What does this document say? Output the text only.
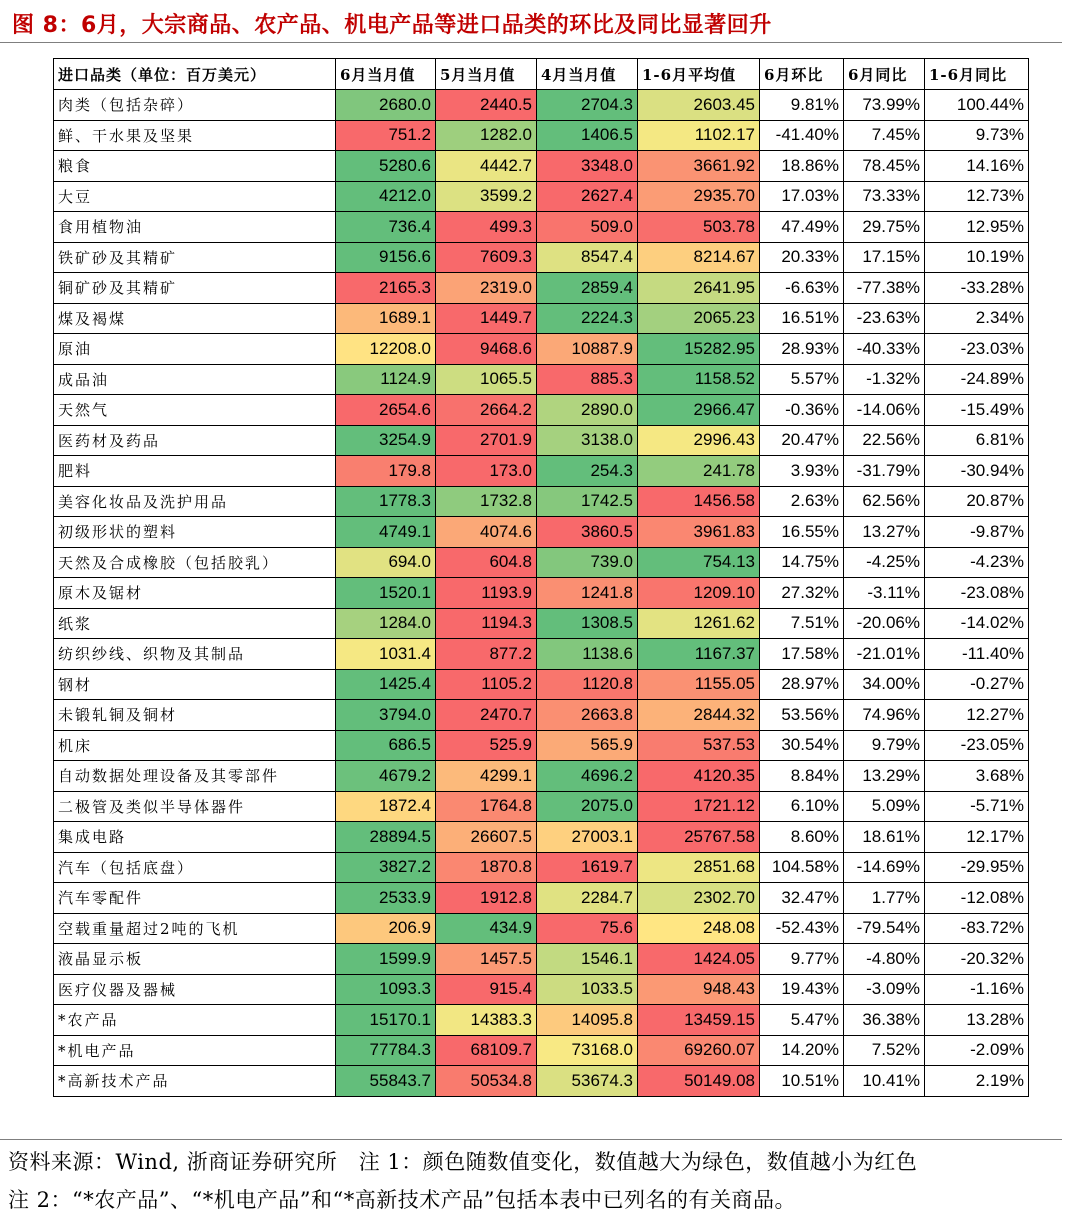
图 8：6月，大宗商品、农产品、机电产品等进口品类的环比及同比显著回升
进口品类（单位：百万美元）	6月当月值	5月当月值	4月当月值	1-6月平均值	6月环比	6月同比	1-6月同比
肉类（包括杂碎）	2680.0	2440.5	2704.3	2603.45	9.81%	73.99%	100.44%
鲜、干水果及坚果	751.2	1282.0	1406.5	1102.17	-41.40%	7.45%	9.73%
粮食	5280.6	4442.7	3348.0	3661.92	18.86%	78.45%	14.16%
大豆	4212.0	3599.2	2627.4	2935.70	17.03%	73.33%	12.73%
食用植物油	736.4	499.3	509.0	503.78	47.49%	29.75%	12.95%
铁矿砂及其精矿	9156.6	7609.3	8547.4	8214.67	20.33%	17.15%	10.19%
铜矿砂及其精矿	2165.3	2319.0	2859.4	2641.95	-6.63%	-77.38%	-33.28%
煤及褐煤	1689.1	1449.7	2224.3	2065.23	16.51%	-23.63%	2.34%
原油	12208.0	9468.6	10887.9	15282.95	28.93%	-40.33%	-23.03%
成品油	1124.9	1065.5	885.3	1158.52	5.57%	-1.32%	-24.89%
天然气	2654.6	2664.2	2890.0	2966.47	-0.36%	-14.06%	-15.49%
医药材及药品	3254.9	2701.9	3138.0	2996.43	20.47%	22.56%	6.81%
肥料	179.8	173.0	254.3	241.78	3.93%	-31.79%	-30.94%
美容化妆品及洗护用品	1778.3	1732.8	1742.5	1456.58	2.63%	62.56%	20.87%
初级形状的塑料	4749.1	4074.6	3860.5	3961.83	16.55%	13.27%	-9.87%
天然及合成橡胶（包括胶乳）	694.0	604.8	739.0	754.13	14.75%	-4.25%	-4.23%
原木及锯材	1520.1	1193.9	1241.8	1209.10	27.32%	-3.11%	-23.08%
纸浆	1284.0	1194.3	1308.5	1261.62	7.51%	-20.06%	-14.02%
纺织纱线、织物及其制品	1031.4	877.2	1138.6	1167.37	17.58%	-21.01%	-11.40%
钢材	1425.4	1105.2	1120.8	1155.05	28.97%	34.00%	-0.27%
未锻轧铜及铜材	3794.0	2470.7	2663.8	2844.32	53.56%	74.96%	12.27%
机床	686.5	525.9	565.9	537.53	30.54%	9.79%	-23.05%
自动数据处理设备及其零部件	4679.2	4299.1	4696.2	4120.35	8.84%	13.29%	3.68%
二极管及类似半导体器件	1872.4	1764.8	2075.0	1721.12	6.10%	5.09%	-5.71%
集成电路	28894.5	26607.5	27003.1	25767.58	8.60%	18.61%	12.17%
汽车（包括底盘）	3827.2	1870.8	1619.7	2851.68	104.58%	-14.69%	-29.95%
汽车零配件	2533.9	1912.8	2284.7	2302.70	32.47%	1.77%	-12.08%
空载重量超过2吨的飞机	206.9	434.9	75.6	248.08	-52.43%	-79.54%	-83.72%
液晶显示板	1599.9	1457.5	1546.1	1424.05	9.77%	-4.80%	-20.32%
医疗仪器及器械	1093.3	915.4	1033.5	948.43	19.43%	-3.09%	-1.16%
*农产品	15170.1	14383.3	14095.8	13459.15	5.47%	36.38%	13.28%
*机电产品	77784.3	68109.7	73168.0	69260.07	14.20%	7.52%	-2.09%
*高新技术产品	55843.7	50534.8	53674.3	50149.08	10.51%	10.41%	2.19%
资料来源：Wind, 浙商证券研究所　注 1：颜色随数值变化，数值越大为绿色，数值越小为红色
注 2：“*农产品”、“*机电产品”和“*高新技术产品”包括本表中已列名的有关商品。
